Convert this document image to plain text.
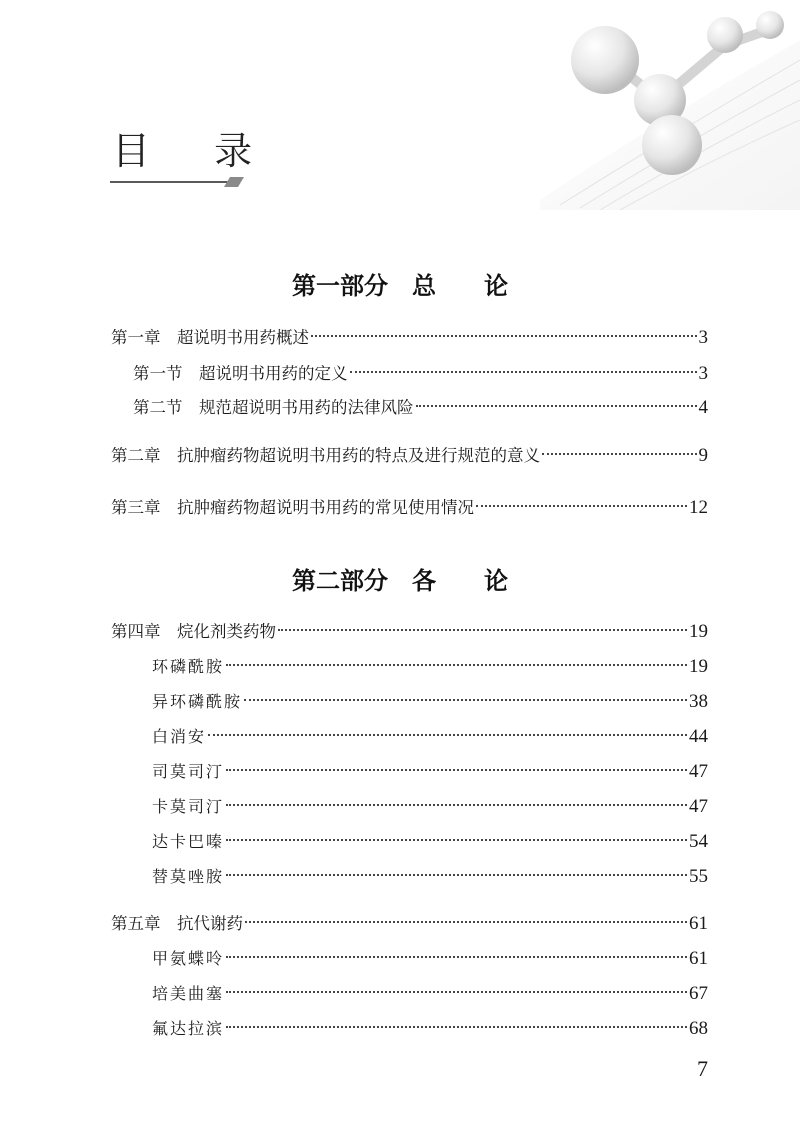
目 录
第一部分　总　　论
第一章　超说明书用药概述	3
第一节　超说明书用药的定义	3
第二节　规范超说明书用药的法律风险	4
第二章　抗肿瘤药物超说明书用药的特点及进行规范的意义	9
第三章　抗肿瘤药物超说明书用药的常见使用情况	12
第二部分　各　　论
第四章　烷化剂类药物	19
环磷酰胺	19
异环磷酰胺	38
白消安	44
司莫司汀	47
卡莫司汀	47
达卡巴嗪	54
替莫唑胺	55
第五章　抗代谢药	61
甲氨蝶呤	61
培美曲塞	67
氟达拉滨	68
7
